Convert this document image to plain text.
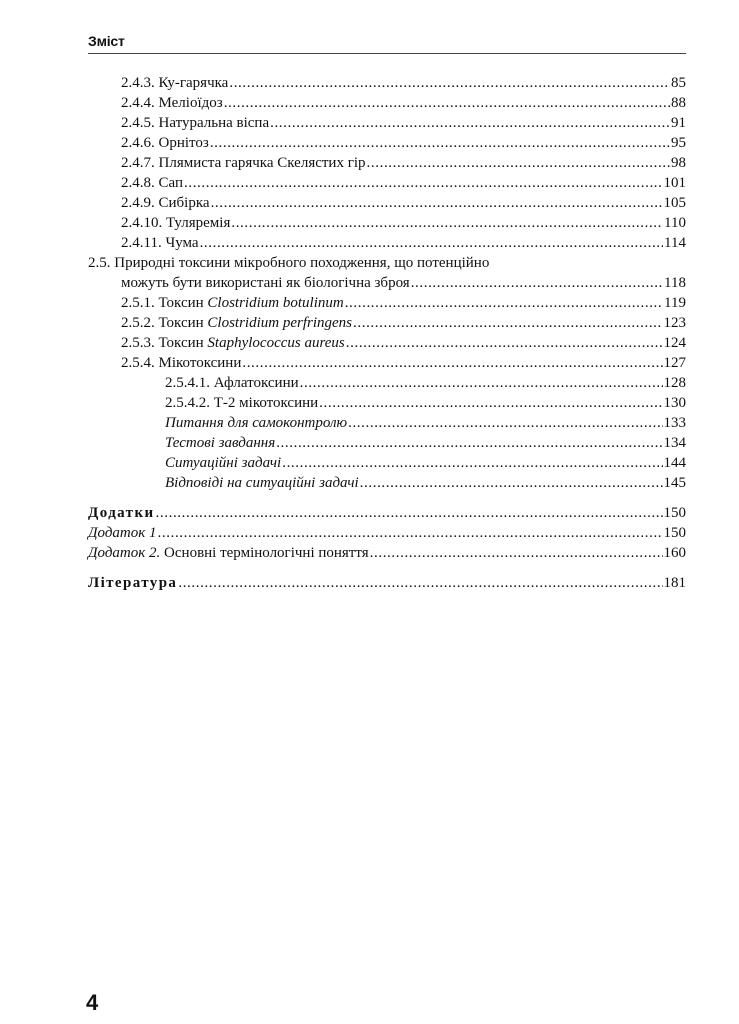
Зміст
2.4.3. Ку-гарячка .....	85
2.4.4. Меліоїдоз .....	88
2.4.5. Натуральна віспа .....	91
2.4.6. Орнітоз .....	95
2.4.7. Плямиста гарячка Скелястих гір .....	98
2.4.8. Сап .....	101
2.4.9. Сибірка .....	105
2.4.10. Туляремія .....	110
2.4.11. Чума .....	114
2.5. Природні токсини мікробного походження, що потенційно
можуть бути використані як біологічна зброя .....	118
2.5.1. Токсин Clostridium botulinum .....	119
2.5.2. Токсин Clostridium perfringens .....	123
2.5.3. Токсин Staphylococcus aureus .....	124
2.5.4. Мікотоксини .....	127
2.5.4.1. Афлатоксини .....	128
2.5.4.2. Т-2 мікотоксини .....	130
Питання для самоконтролю .....	133
Тестові завдання .....	134
Ситуаційні задачі .....	144
Відповіді на ситуаційні задачі .....	145
Додатки .....	150
Додаток 1 .....	150
Додаток 2. Основні термінологічні поняття .....	160
Література .....	181
4
